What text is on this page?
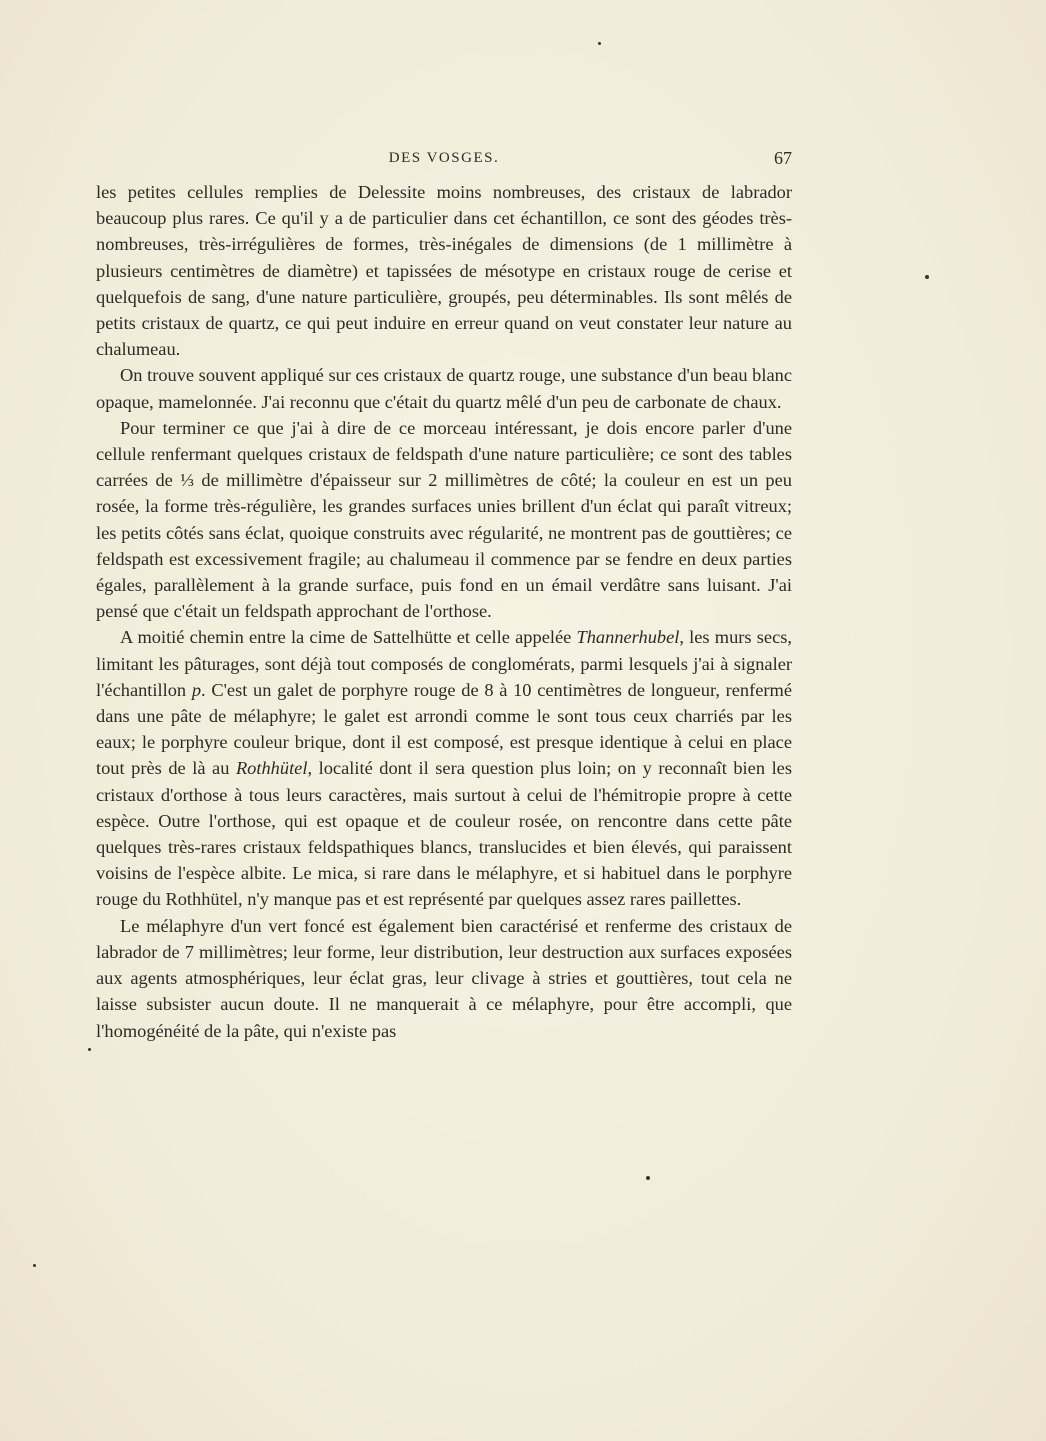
DES VOSGES.	67

les petites cellules remplies de Delessite moins nombreuses, des cristaux de labrador beaucoup plus rares. Ce qu'il y a de particulier dans cet échantillon, ce sont des géodes très-nombreuses, très-irrégulières de formes, très-inégales de dimensions (de 1 millimètre à plusieurs centimètres de diamètre) et tapissées de mésotype en cristaux rouge de cerise et quelquefois de sang, d'une nature particulière, groupés, peu déterminables. Ils sont mêlés de petits cristaux de quartz, ce qui peut induire en erreur quand on veut constater leur nature au chalumeau.

On trouve souvent appliqué sur ces cristaux de quartz rouge, une substance d'un beau blanc opaque, mamelonnée. J'ai reconnu que c'était du quartz mêlé d'un peu de carbonate de chaux.

Pour terminer ce que j'ai à dire de ce morceau intéressant, je dois encore parler d'une cellule renfermant quelques cristaux de feldspath d'une nature particulière; ce sont des tables carrées de ⅓ de millimètre d'épaisseur sur 2 millimètres de côté; la couleur en est un peu rosée, la forme très-régulière, les grandes surfaces unies brillent d'un éclat qui paraît vitreux; les petits côtés sans éclat, quoique construits avec régularité, ne montrent pas de gouttières; ce feldspath est excessivement fragile; au chalumeau il commence par se fendre en deux parties égales, parallèlement à la grande surface, puis fond en un émail verdâtre sans luisant. J'ai pensé que c'était un feldspath approchant de l'orthose.

A moitié chemin entre la cime de Sattelhütte et celle appelée Thannerhubel, les murs secs, limitant les pâturages, sont déjà tout composés de conglomérats, parmi lesquels j'ai à signaler l'échantillon p. C'est un galet de porphyre rouge de 8 à 10 centimètres de longueur, renfermé dans une pâte de mélaphyre; le galet est arrondi comme le sont tous ceux charriés par les eaux; le porphyre couleur brique, dont il est composé, est presque identique à celui en place tout près de là au Rothhütel, localité dont il sera question plus loin; on y reconnaît bien les cristaux d'orthose à tous leurs caractères, mais surtout à celui de l'hémitropie propre à cette espèce. Outre l'orthose, qui est opaque et de couleur rosée, on rencontre dans cette pâte quelques très-rares cristaux feldspathiques blancs, translucides et bien élevés, qui paraissent voisins de l'espèce albite. Le mica, si rare dans le mélaphyre, et si habituel dans le porphyre rouge du Rothhütel, n'y manque pas et est représenté par quelques assez rares paillettes.

Le mélaphyre d'un vert foncé est également bien caractérisé et renferme des cristaux de labrador de 7 millimètres; leur forme, leur distribution, leur destruction aux surfaces exposées aux agents atmosphériques, leur éclat gras, leur clivage à stries et gouttières, tout cela ne laisse subsister aucun doute. Il ne manquerait à ce mélaphyre, pour être accompli, que l'homogénéité de la pâte, qui n'existe pas
